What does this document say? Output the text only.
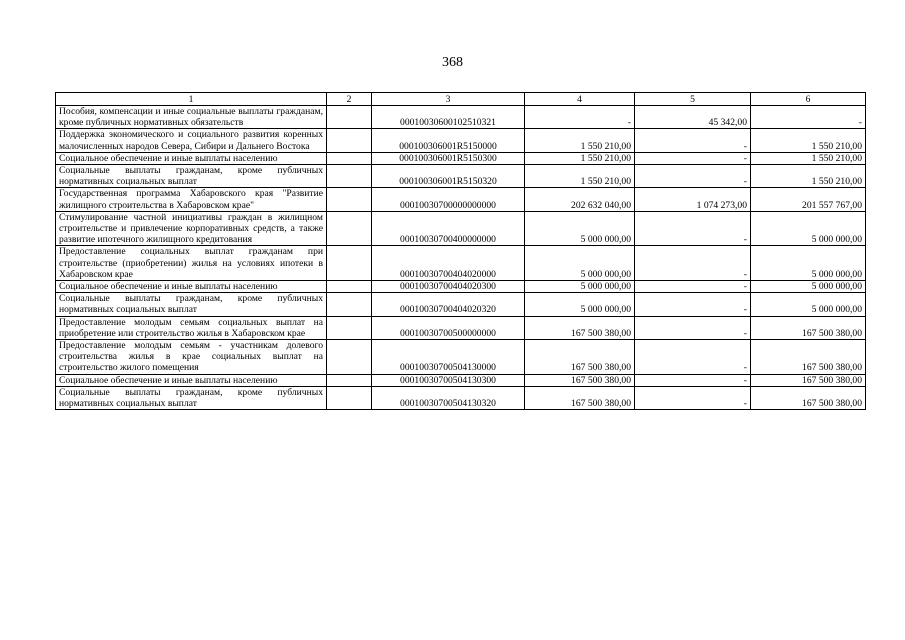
368
1	2	3	4	5	6
Пособия, компенсации и иные социальные выплаты гражданам, кроме публичных нормативных обязательств		00010030600102510321	-	45 342,00	-
Поддержка экономического и социального развития коренных малочисленных народов Севера, Сибири и Дальнего Востока		000100306001R5150000	1 550 210,00	-	1 550 210,00
Социальное обеспечение и иные выплаты населению		000100306001R5150300	1 550 210,00	-	1 550 210,00
Социальные выплаты гражданам, кроме публичных нормативных социальных выплат		000100306001R5150320	1 550 210,00	-	1 550 210,00
Государственная программа Хабаровского края "Развитие жилищного строительства в Хабаровском крае"		00010030700000000000	202 632 040,00	1 074 273,00	201 557 767,00
Стимулирование частной инициативы граждан в жилищном строительстве и привлечение корпоративных средств, а также развитие ипотечного жилищного кредитования		00010030700400000000	5 000 000,00	-	5 000 000,00
Предоставление социальных выплат гражданам при строительстве (приобретении) жилья на условиях ипотеки в Хабаровском крае		00010030700404020000	5 000 000,00	-	5 000 000,00
Социальное обеспечение и иные выплаты населению		00010030700404020300	5 000 000,00	-	5 000 000,00
Социальные выплаты гражданам, кроме публичных нормативных социальных выплат		00010030700404020320	5 000 000,00	-	5 000 000,00
Предоставление молодым семьям социальных выплат на приобретение или строительство жилья в Хабаровском крае		00010030700500000000	167 500 380,00	-	167 500 380,00
Предоставление молодым семьям - участникам долевого строительства жилья в крае социальных выплат на строительство жилого помещения		00010030700504130000	167 500 380,00	-	167 500 380,00
Социальное обеспечение и иные выплаты населению		00010030700504130300	167 500 380,00	-	167 500 380,00
Социальные выплаты гражданам, кроме публичных нормативных социальных выплат		00010030700504130320	167 500 380,00	-	167 500 380,00
